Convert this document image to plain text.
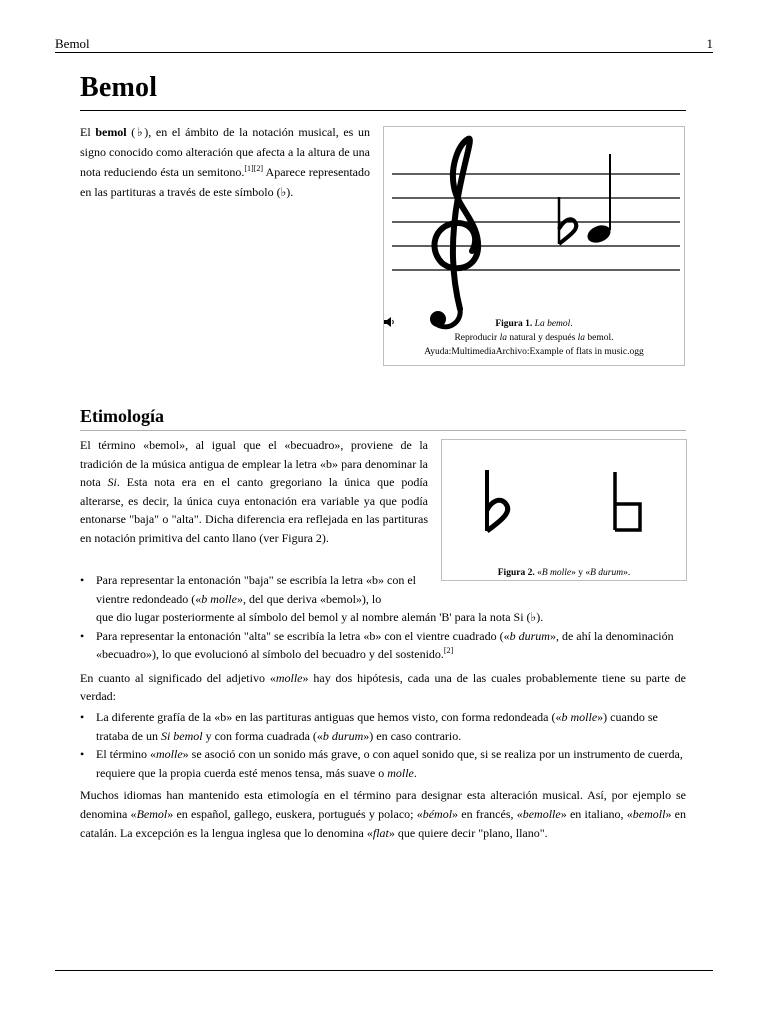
Bemol	1
Bemol

El bemol (♭), en el ámbito de la notación musical, es un signo conocido como alteración que afecta a la altura de una nota reduciendo ésta un semitono.[1][2] Aparece representado en las partituras a través de este símbolo (♭).

Figura 1. La bemol.
Reproducir la natural y después la bemol.
Ayuda:MultimediaArchivo:Example of flats in music.ogg
Etimología

El término «bemol», al igual que el «becuadro», proviene de la tradición de la música antigua de emplear la letra «b» para denominar la nota Si. Esta nota era en el canto gregoriano la única que podía alterarse, es decir, la única cuya entonación era variable ya que podía entonarse "baja" o "alta". Dicha diferencia era reflejada en las partituras en notación primitiva del canto llano (ver Figura 2).

Figura 2. «B molle» y «B durum».
• Para representar la entonación "baja" se escribía la letra «b» con el vientre redondeado («b molle», del que deriva «bemol»), lo
que dio lugar posteriormente al símbolo del bemol y al nombre alemán 'B' para la nota Si (♭).
• Para representar la entonación "alta" se escribía la letra «b» con el vientre cuadrado («b durum», de ahí la denominación «becuadro»), lo que evolucionó al símbolo del becuadro y del sostenido.[2]

En cuanto al significado del adjetivo «molle» hay dos hipótesis, cada una de las cuales probablemente tiene su parte de verdad:

• La diferente grafía de la «b» en las partituras antiguas que hemos visto, con forma redondeada («b molle») cuando se trataba de un Si bemol y con forma cuadrada («b durum») en caso contrario.
• El término «molle» se asoció con un sonido más grave, o con aquel sonido que, si se realiza por un instrumento de cuerda, requiere que la propia cuerda esté menos tensa, más suave o molle.

Muchos idiomas han mantenido esta etimología en el término para designar esta alteración musical. Así, por ejemplo se denomina «Bemol» en español, gallego, euskera, portugués y polaco; «bémol» en francés, «bemolle» en italiano, «bemoll» en catalán. La excepción es la lengua inglesa que lo denomina «flat» que quiere decir "plano, llano".
